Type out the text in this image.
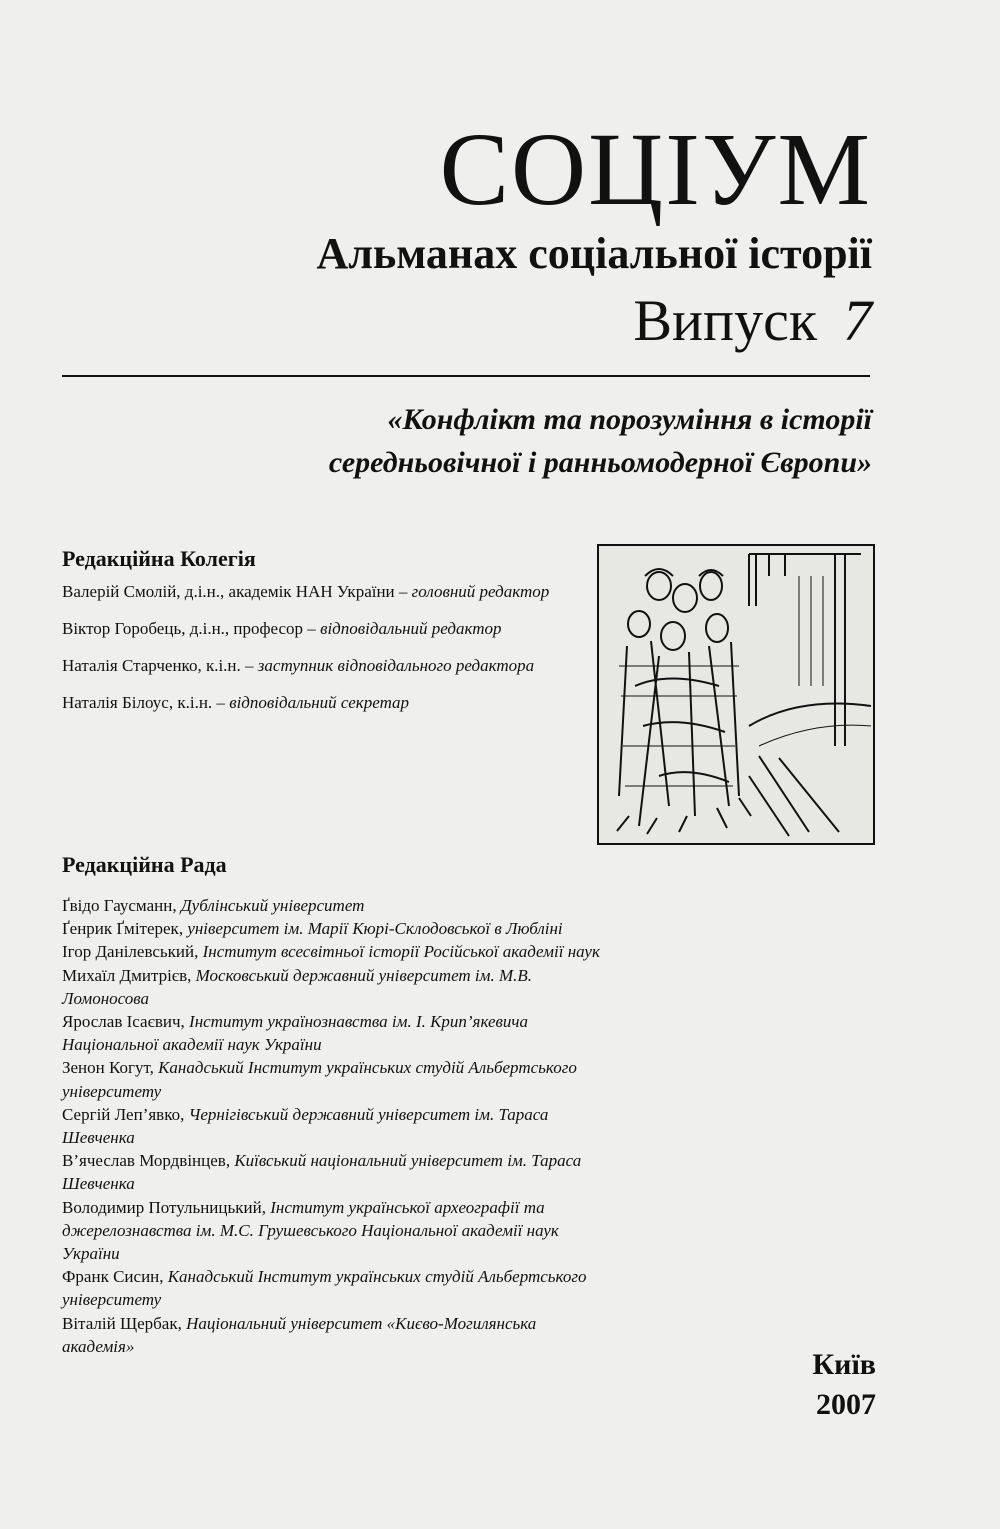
СОЦІУМ
Альманах соціальної історії
Випуск 7
«Конфлікт та порозуміння в історії
середньовічної і ранньомодерної Європи»
Редакційна Колегія
Валерій Смолій, д.і.н., академік НАН України – головний редактор
Віктор Горобець, д.і.н., професор – відповідальний редактор
Наталія Старченко, к.і.н. – заступник відповідального редактора
Наталія Білоус, к.і.н. – відповідальний секретар
Редакційна Рада
Ґвідо Гаусманн, Дублінський університет
Ґенрик Ґмітерек, університет ім. Марії Кюрі-Склодовської в Любліні
Ігор Данілевський, Інститут всесвітньої історії Російської академії наук
Михаїл Дмитрієв, Московський державний університет ім. М.В. Ломоносова
Ярослав Ісаєвич, Інститут українознавства ім. І. Крип’якевича Національної академії наук України
Зенон Когут, Канадський Інститут українських студій Альбертського університету
Сергій Леп’явко, Чернігівський державний університет ім. Тараса Шевченка
В’ячеслав Мордвінцев, Київський національний університет ім. Тараса Шевченка
Володимир Потульницький, Інститут української археографії та джерелознавства ім. М.С. Грушевського Національної академії наук України
Франк Сисин, Канадський Інститут українських студій Альбертського університету
Віталій Щербак, Національний університет «Києво-Могилянська академія»
Київ
2007
